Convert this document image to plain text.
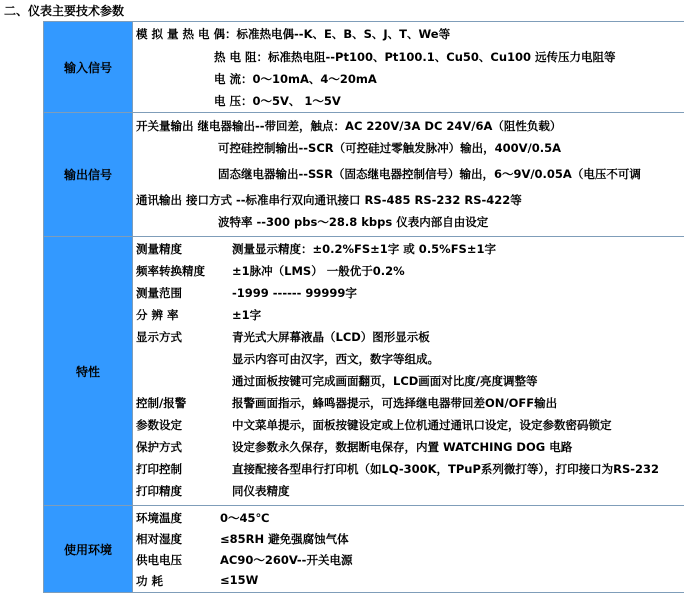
二、仪表主要技术参数
输入信号
模 拟 量 热 电 偶：标准热电偶--K、E、B、S、J、T、We等
热 电 阻：标准热电阻--Pt100、Pt100.1、Cu50、Cu100 远传压力电阻等
电 流：0～10mA、4～20mA
电 压：0～5V、 1～5V
输出信号
开关量输出 继电器输出--带回差，触点：AC 220V/3A DC 24V/6A（阻性负载）
可控硅控制输出--SCR（可控硅过零触发脉冲）输出，400V/0.5A
固态继电器输出--SSR（固态继电器控制信号）输出，6～9V/0.05A（电压不可调
通讯输出 接口方式 --标准串行双向通讯接口 RS-485 RS-232 RS-422等
波特率 --300 pbs～28.8 kbps 仪表内部自由设定
特性
测量精度	测量显示精度：±0.2%FS±1字 或 0.5%FS±1字
频率转换精度 ±1脉冲（LMS） 一般优于0.2%
测量范围	-1999 ------ 99999字
分 辨 率	±1字
显示方式	青光式大屏幕液晶（LCD）图形显示板
显示内容可由汉字，西文，数字等组成。
通过面板按键可完成画面翻页，LCD画面对比度/亮度调整等
控制/报警	报警画面指示，蜂鸣器提示，可选择继电器带回差ON/OFF输出
参数设定	中文菜单提示，面板按键设定或上位机通过通讯口设定，设定参数密码锁定
保护方式	设定参数永久保存，数据断电保存，内置 WATCHING DOG 电路
打印控制	直接配接各型串行打印机（如LQ-300K，TPuP系列微打等），打印接口为RS-232
打印精度	同仪表精度
使用环境
环境温度	0～45℃
相对湿度	≤85RH 避免强腐蚀气体
供电电压	AC90～260V--开关电源
功 耗	≤15W
